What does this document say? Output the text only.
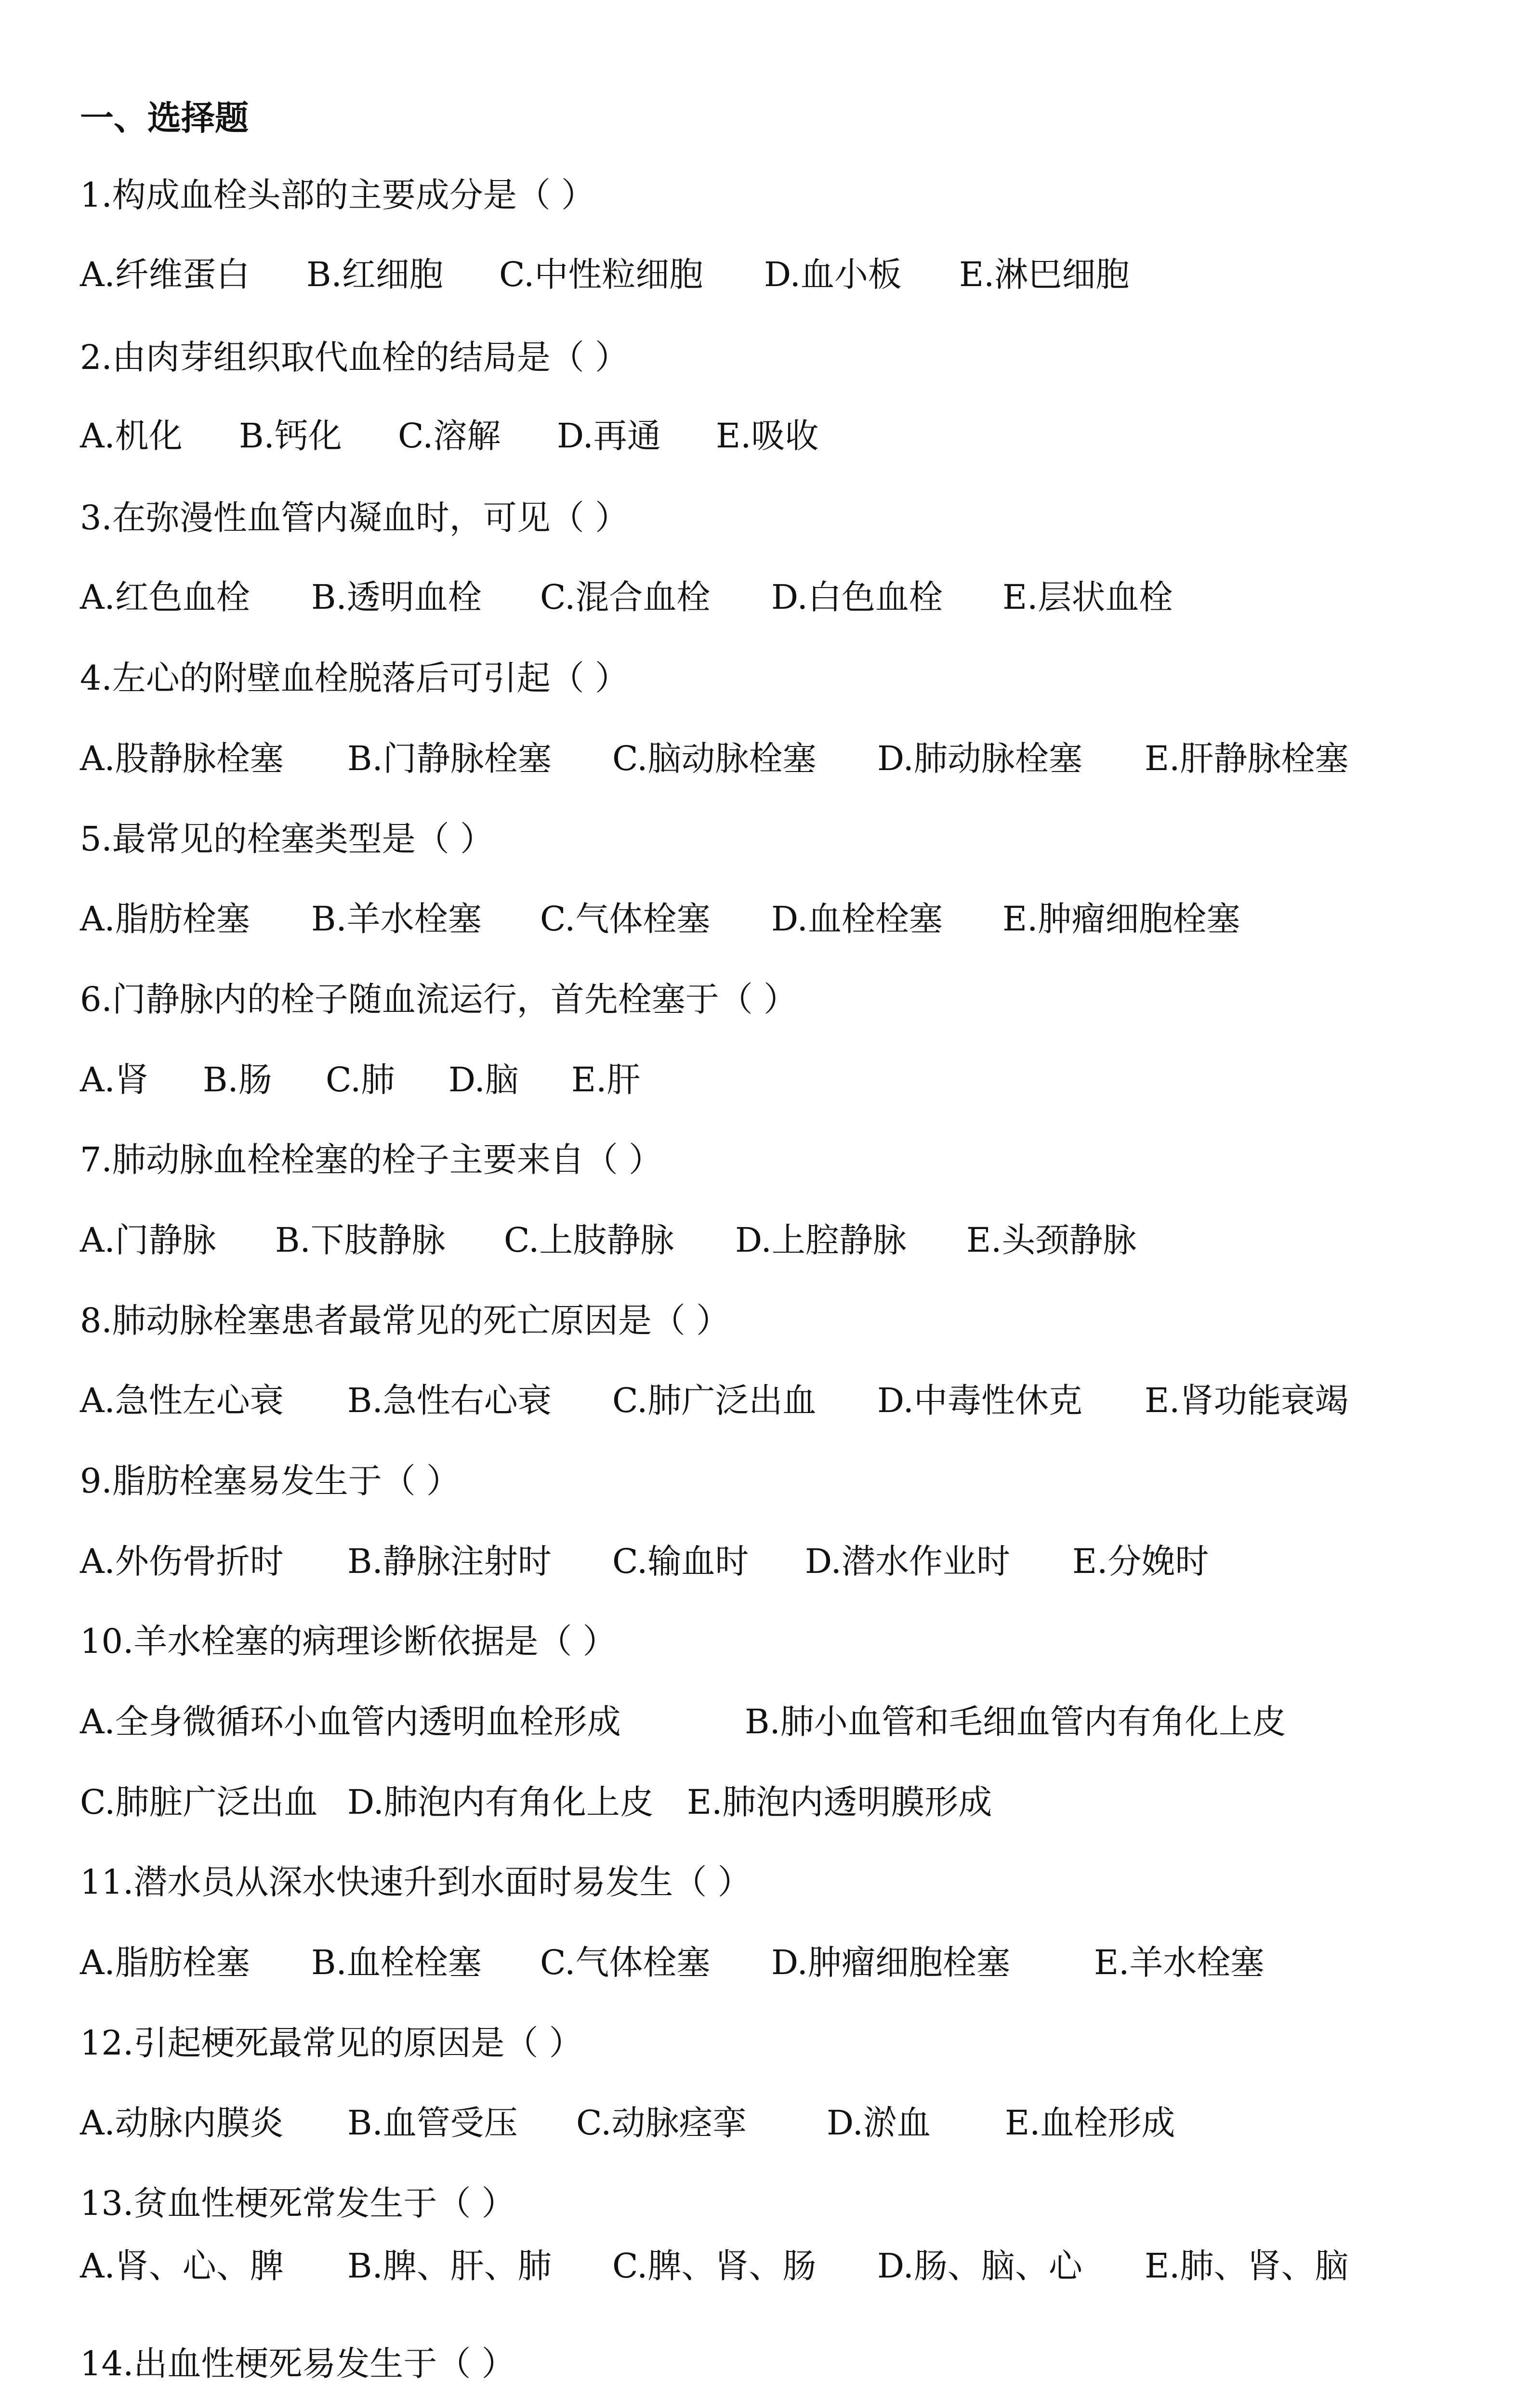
一、选择题
1.构成血栓头部的主要成分是（ ）
A.纤维蛋白	B.红细胞	C.中性粒细胞	D.血小板	E.淋巴细胞
2.由肉芽组织取代血栓的结局是（ ）
A.机化	B.钙化	C.溶解	D.再通	E.吸收
3.在弥漫性血管内凝血时，可见（ ）
A.红色血栓	B.透明血栓	C.混合血栓	D.白色血栓	E.层状血栓
4.左心的附壁血栓脱落后可引起（ ）
A.股静脉栓塞	B.门静脉栓塞	C.脑动脉栓塞	D.肺动脉栓塞	E.肝静脉栓塞
5.最常见的栓塞类型是（ ）
A.脂肪栓塞	B.羊水栓塞	C.气体栓塞	D.血栓栓塞	E.肿瘤细胞栓塞
6.门静脉内的栓子随血流运行，首先栓塞于（ ）
A.肾	B.肠	C.肺	D.脑	E.肝
7.肺动脉血栓栓塞的栓子主要来自（ ）
A.门静脉	B.下肢静脉	C.上肢静脉	D.上腔静脉	E.头颈静脉
8.肺动脉栓塞患者最常见的死亡原因是（ ）
A.急性左心衰	B.急性右心衰	C.肺广泛出血	D.中毒性休克	E.肾功能衰竭
9.脂肪栓塞易发生于（ ）
A.外伤骨折时	B.静脉注射时	C.输血时	D.潜水作业时	E.分娩时
10.羊水栓塞的病理诊断依据是（ ）
A.全身微循环小血管内透明血栓形成	B.肺小血管和毛细血管内有角化上皮
C.肺脏广泛出血 D.肺泡内有角化上皮 E.肺泡内透明膜形成
11.潜水员从深水快速升到水面时易发生（ ）
A.脂肪栓塞	B.血栓栓塞	C.气体栓塞	D.肿瘤细胞栓塞	E.羊水栓塞
12.引起梗死最常见的原因是（ ）
A.动脉内膜炎	B.血管受压	C.动脉痉挛	D.淤血	E.血栓形成
13.贫血性梗死常发生于（ ）
A.肾、心、脾	B.脾、肝、肺	C.脾、肾、肠	D.肠、脑、心	E.肺、肾、脑
14.出血性梗死易发生于（ ）
